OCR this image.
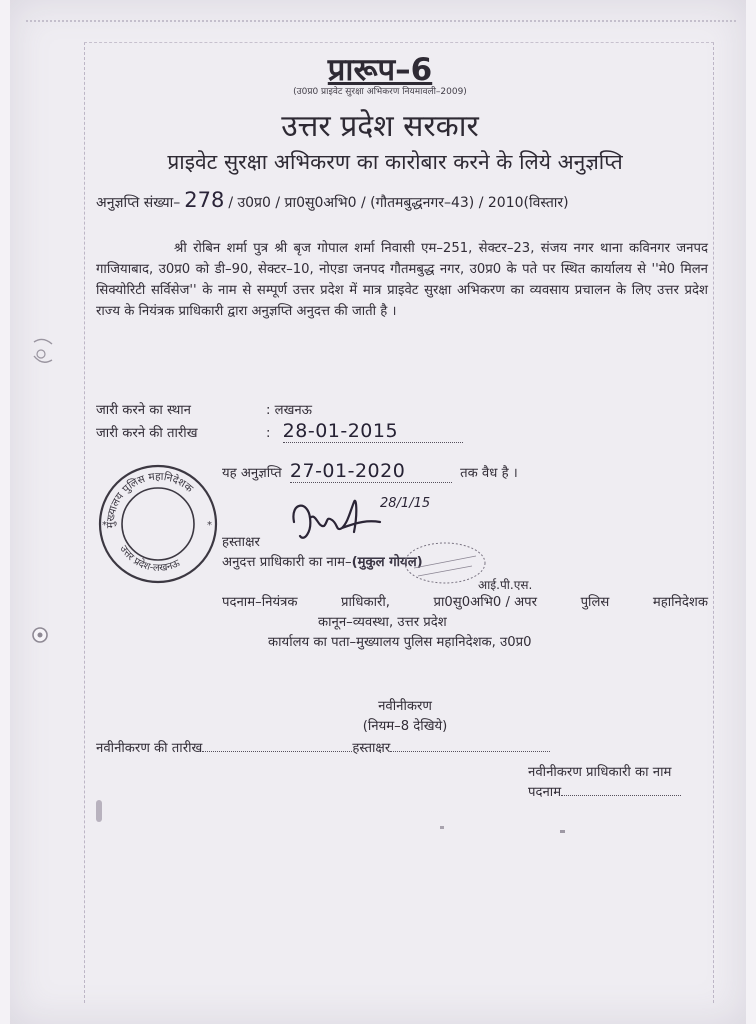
प्रारूप–6
(उ0प्र0 प्राइवेट सुरक्षा अभिकरण नियमावली–2009)
उत्तर प्रदेश सरकार
प्राइवेट सुरक्षा अभिकरण का कारोबार करने के लिये अनुज्ञप्ति
अनुज्ञप्ति संख्या– 278 / उ0प्र0 / प्रा0सु0अभि0 / (गौतमबुद्धनगर–43) / 2010(विस्तार)
श्री रोबिन शर्मा पुत्र श्री बृज गोपाल शर्मा निवासी एम–251, सेक्टर–23, संजय नगर थाना कविनगर जनपद गाजियाबाद, उ0प्र0 को डी–90, सेक्टर–10, नोएडा जनपद गौतमबुद्ध नगर, उ0प्र0 के पते पर स्थित कार्यालय से ''मे0 मिलन सिक्योरिटी सर्विसेज'' के नाम से सम्पूर्ण उत्तर प्रदेश में मात्र प्राइवेट सुरक्षा अभिकरण का व्यवसाय प्रचालन के लिए उत्तर प्रदेश राज्य के नियंत्रक प्राधिकारी द्वारा अनुज्ञप्ति अनुदत्त की जाती है ।
जारी करने का स्थान	: लखनऊ
जारी करने की तारीख	: 28-01-2015
यह अनुज्ञप्ति 27-01-2020	तक वैध है ।
मुख्यालय पुलिस महानिदेशक
उत्तर प्रदेश-लखनऊ
*
*
हस्ताक्षर
28/1/15
अनुदत्त प्राधिकारी का नाम–(मुकुल गोयल)
आई.पी.एस.
पदनाम–नियंत्रक	प्राधिकारी,	प्रा0सु0अभि0 / अपर	पुलिस	महानिदेशक
कानून–व्यवस्था, उत्तर प्रदेश
कार्यालय का पता–मुख्यालय पुलिस महानिदेशक, उ0प्र0
नवीनीकरण
(नियम–8 देखिये)
नवीनीकरण की तारीख	हस्ताक्षर
नवीनीकरण प्राधिकारी का नाम
पदनाम
